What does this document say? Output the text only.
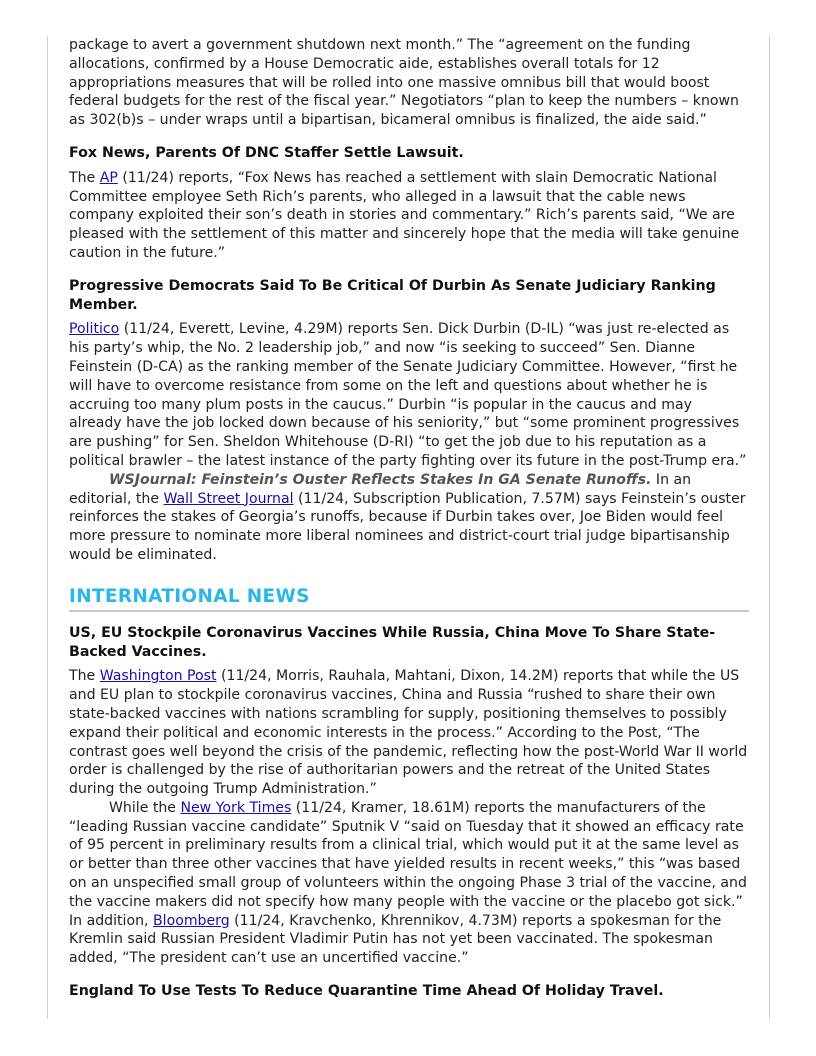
package to avert a government shutdown next month.” The “agreement on the funding allocations, confirmed by a House Democratic aide, establishes overall totals for 12 appropriations measures that will be rolled into one massive omnibus bill that would boost federal budgets for the rest of the fiscal year.” Negotiators “plan to keep the numbers – known as 302(b)s – under wraps until a bipartisan, bicameral omnibus is finalized, the aide said.”

Fox News, Parents Of DNC Staffer Settle Lawsuit.

The AP (11/24) reports, “Fox News has reached a settlement with slain Democratic National Committee employee Seth Rich’s parents, who alleged in a lawsuit that the cable news company exploited their son’s death in stories and commentary.” Rich’s parents said, “We are pleased with the settlement of this matter and sincerely hope that the media will take genuine caution in the future.”

Progressive Democrats Said To Be Critical Of Durbin As Senate Judiciary Ranking Member.

Politico (11/24, Everett, Levine, 4.29M) reports Sen. Dick Durbin (D-IL) “was just re-elected as his party’s whip, the No. 2 leadership job,” and now “is seeking to succeed” Sen. Dianne Feinstein (D-CA) as the ranking member of the Senate Judiciary Committee. However, “first he will have to overcome resistance from some on the left and questions about whether he is accruing too many plum posts in the caucus.” Durbin “is popular in the caucus and may already have the job locked down because of his seniority,” but “some prominent progressives are pushing” for Sen. Sheldon Whitehouse (D-RI) “to get the job due to his reputation as a political brawler – the latest instance of the party fighting over its future in the post-Trump era.”

WSJournal: Feinstein’s Ouster Reflects Stakes In GA Senate Runoffs. In an editorial, the Wall Street Journal (11/24, Subscription Publication, 7.57M) says Feinstein’s ouster reinforces the stakes of Georgia’s runoffs, because if Durbin takes over, Joe Biden would feel more pressure to nominate more liberal nominees and district-court trial judge bipartisanship would be eliminated.

INTERNATIONAL NEWS
US, EU Stockpile Coronavirus Vaccines While Russia, China Move To Share State-Backed Vaccines.

The Washington Post (11/24, Morris, Rauhala, Mahtani, Dixon, 14.2M) reports that while the US and EU plan to stockpile coronavirus vaccines, China and Russia “rushed to share their own state-backed vaccines with nations scrambling for supply, positioning themselves to possibly expand their political and economic interests in the process.” According to the Post, “The contrast goes well beyond the crisis of the pandemic, reflecting how the post-World War II world order is challenged by the rise of authoritarian powers and the retreat of the United States during the outgoing Trump Administration.”

While the New York Times (11/24, Kramer, 18.61M) reports the manufacturers of the “leading Russian vaccine candidate” Sputnik V “said on Tuesday that it showed an efficacy rate of 95 percent in preliminary results from a clinical trial, which would put it at the same level as or better than three other vaccines that have yielded results in recent weeks,” this “was based on an unspecified small group of volunteers within the ongoing Phase 3 trial of the vaccine, and the vaccine makers did not specify how many people with the vaccine or the placebo got sick.” In addition, Bloomberg (11/24, Kravchenko, Khrennikov, 4.73M) reports a spokesman for the Kremlin said Russian President Vladimir Putin has not yet been vaccinated. The spokesman added, “The president can’t use an uncertified vaccine.”

England To Use Tests To Reduce Quarantine Time Ahead Of Holiday Travel.
